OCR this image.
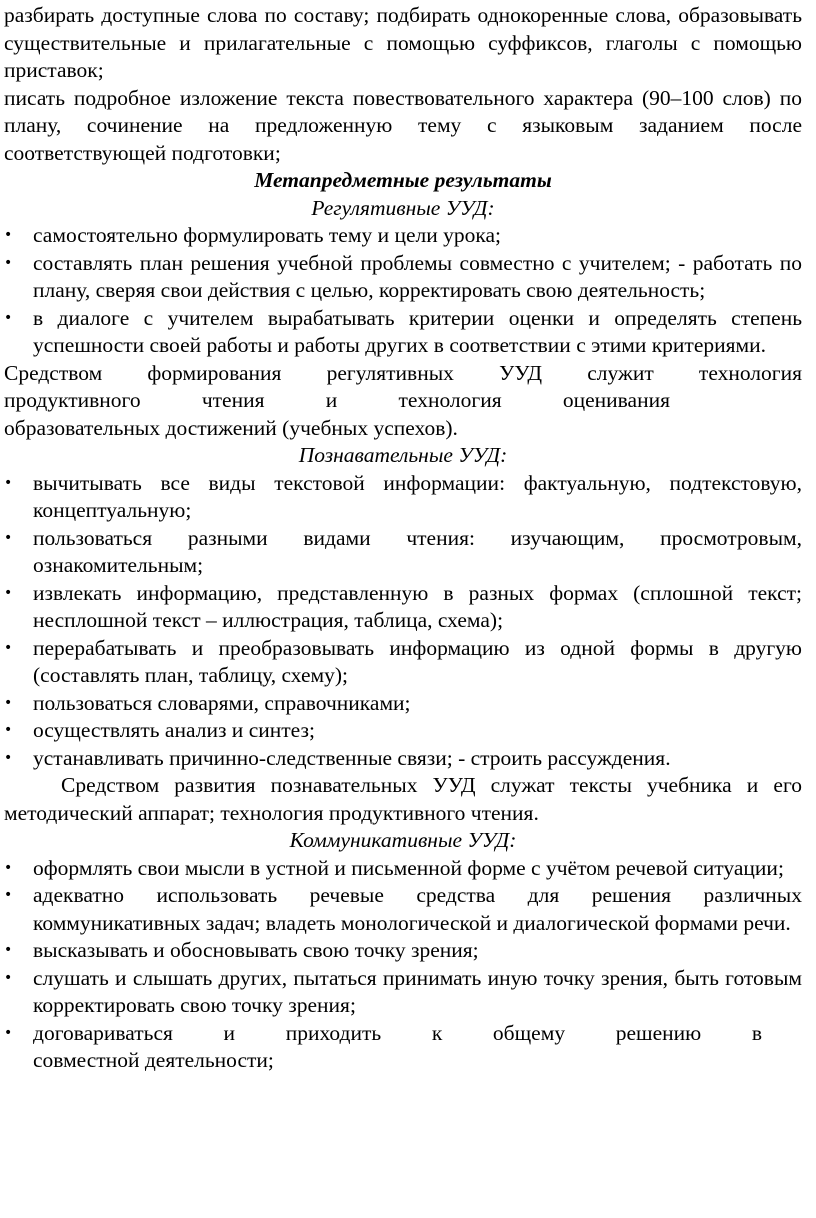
разбирать доступные слова по составу; подбирать однокоренные слова, образовывать существительные и прилагательные с помощью суффиксов, глаголы с помощью приставок;

писать подробное изложение текста повествовательного характера (90–100 слов) по плану, сочинение на предложенную тему с языковым заданием после соответствующей подготовки;

Метапредметные результаты

Регулятивные УУД:

• самостоятельно формулировать тему и цели урока;
• составлять план решения учебной проблемы совместно с учителем; - работать по плану, сверяя свои действия с целью, корректировать свою деятельность;
• в диалоге с учителем вырабатывать критерии оценки и определять степень успешности своей работы и работы других в соответствии с этими критериями.

Средством формирования регулятивных УУД служит технология

продуктивного чтения и технология оценивания

образовательных достижений (учебных успехов).

Познавательные УУД:

• вычитывать все виды текстовой информации: фактуальную, подтекстовую, концептуальную;
• пользоваться разными видами чтения: изучающим, просмотровым, ознакомительным;
• извлекать информацию, представленную в разных формах (сплошной текст; несплошной текст – иллюстрация, таблица, схема);
• перерабатывать и преобразовывать информацию из одной формы в другую (составлять план, таблицу, схему);
• пользоваться словарями, справочниками;
• осуществлять анализ и синтез;
• устанавливать причинно-следственные связи; - строить рассуждения.

Средством развития познавательных УУД служат тексты учебника и его методический аппарат; технология продуктивного чтения.

Коммуникативные УУД:

• оформлять свои мысли в устной и письменной форме с учётом речевой ситуации;
• адекватно использовать речевые средства для решения различных коммуникативных задач; владеть монологической и диалогической формами речи.
• высказывать и обосновывать свою точку зрения;
• слушать и слышать других, пытаться принимать иную точку зрения, быть готовым корректировать свою точку зрения;
• договариваться и приходить к общему решению в
совместной деятельности;
